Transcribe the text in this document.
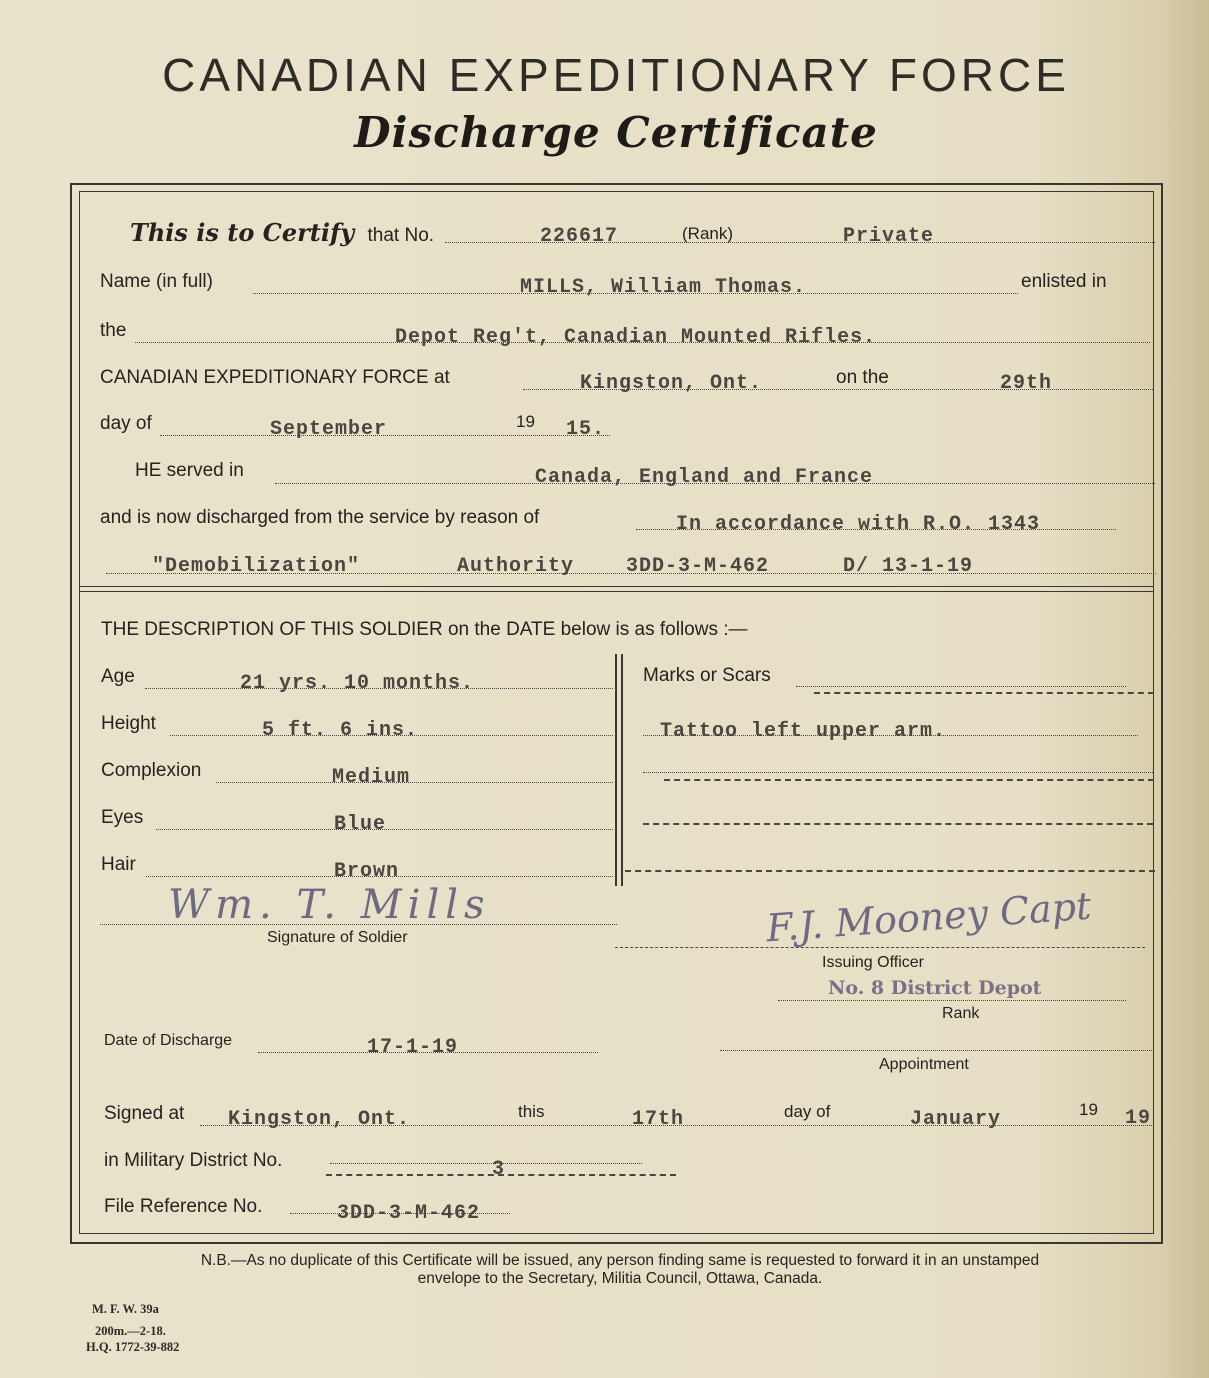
CANADIAN EXPEDITIONARY FORCE
Discharge Certificate
This is to Certify that No.	226617	(Rank)	Private
Name (in full)	MILLS, William Thomas.	enlisted in
the	Depot Reg't, Canadian Mounted Rifles.
CANADIAN EXPEDITIONARY FORCE at	Kingston, Ont.	on the	29th
day of	September	19 15.
HE served in	Canada, England and France
and is now discharged from the service by reason of	In accordance with R.O. 1343
"Demobilization"	Authority	3DD-3-M-462	D/ 13-1-19
THE DESCRIPTION OF THIS SOLDIER on the DATE below is as follows :—
Age	21 yrs. 10 months.
Height	5 ft. 6 ins.
Complexion	Medium
Eyes	Blue
Hair	Brown
Marks or Scars
Tattoo left upper arm.
Wm. T. Mills
Signature of Soldier	F.J. Mooney Capt
Issuing Officer
No. 8 District Depot
Rank
Appointment
Date of Discharge	17-1-19
Signed at Kingston, Ont.	this	17th	day of	January	19 19
in Military District No.	3
File Reference No.	3DD-3-M-462
N.B.—As no duplicate of this Certificate will be issued, any person finding same is requested to forward it in an unstamped
envelope to the Secretary, Militia Council, Ottawa, Canada.
M. F. W. 39a
200m.—2-18.
H.Q. 1772-39-882
